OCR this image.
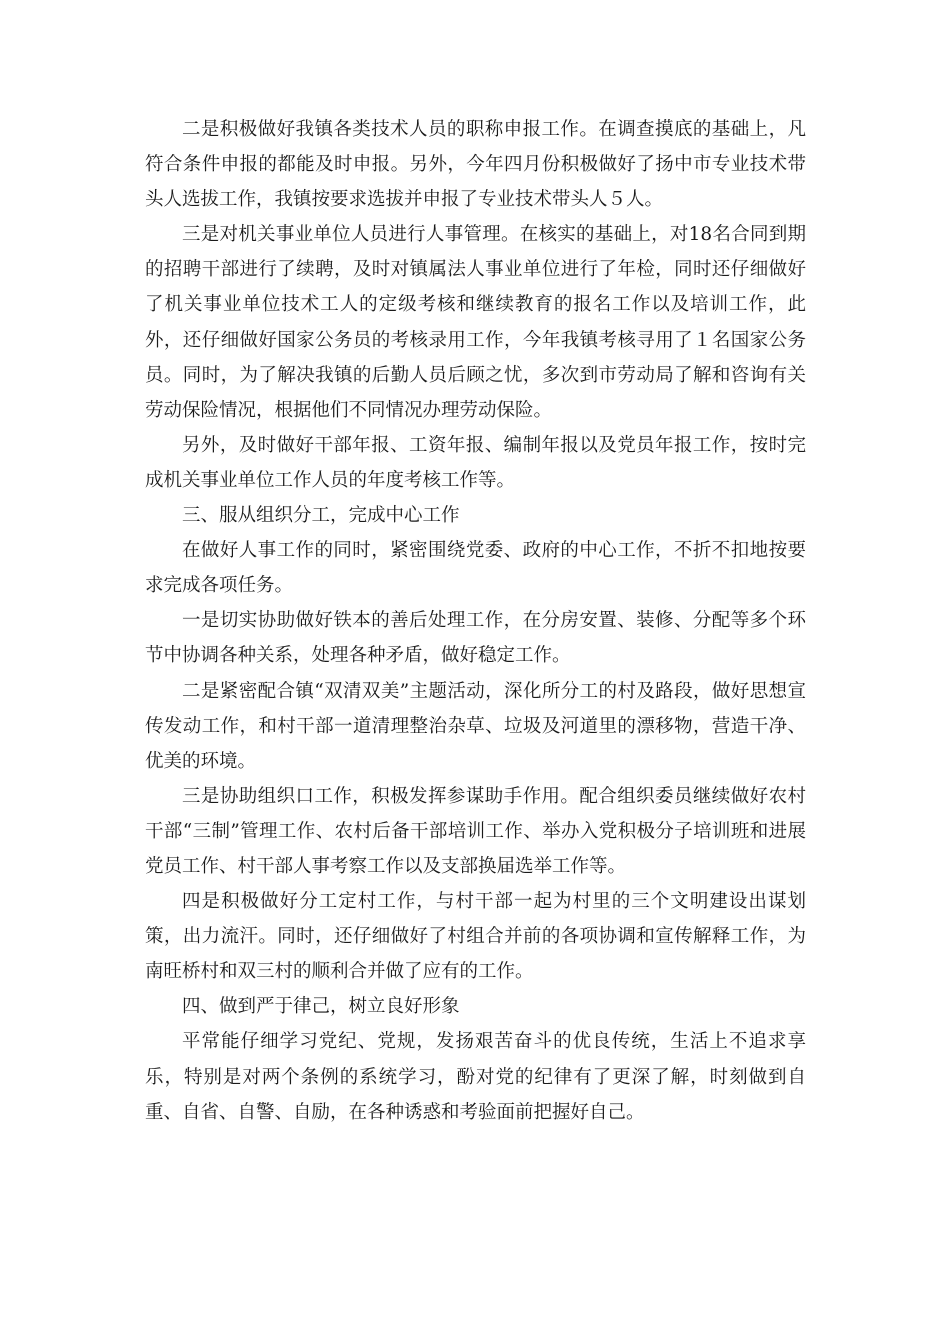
二是积极做好我镇各类技术人员的职称申报工作。在调查摸底的基础上，凡符合条件申报的都能及时申报。另外，今年四月份积极做好了扬中市专业技术带头人选拔工作，我镇按要求选拔并申报了专业技术带头人５人。

三是对机关事业单位人员进行人事管理。在核实的基础上，对18名合同到期的招聘干部进行了续聘，及时对镇属法人事业单位进行了年检，同时还仔细做好了机关事业单位技术工人的定级考核和继续教育的报名工作以及培训工作，此外，还仔细做好国家公务员的考核录用工作，今年我镇考核寻用了１名国家公务员。同时，为了解决我镇的后勤人员后顾之忧，多次到市劳动局了解和咨询有关劳动保险情况，根据他们不同情况办理劳动保险。

另外，及时做好干部年报、工资年报、编制年报以及党员年报工作，按时完成机关事业单位工作人员的年度考核工作等。

三、服从组织分工，完成中心工作

在做好人事工作的同时，紧密围绕党委、政府的中心工作，不折不扣地按要求完成各项任务。

一是切实协助做好铁本的善后处理工作，在分房安置、装修、分配等多个环节中协调各种关系，处理各种矛盾，做好稳定工作。

二是紧密配合镇“双清双美”主题活动，深化所分工的村及路段，做好思想宣传发动工作，和村干部一道清理整治杂草、垃圾及河道里的漂移物，营造干净、优美的环境。

三是协助组织口工作，积极发挥参谋助手作用。配合组织委员继续做好农村干部“三制”管理工作、农村后备干部培训工作、举办入党积极分子培训班和进展党员工作、村干部人事考察工作以及支部换届选举工作等。

四是积极做好分工定村工作，与村干部一起为村里的三个文明建设出谋划策，出力流汗。同时，还仔细做好了村组合并前的各项协调和宣传解释工作，为南旺桥村和双三村的顺利合并做了应有的工作。

四、做到严于律己，树立良好形象

平常能仔细学习党纪、党规，发扬艰苦奋斗的优良传统，生活上不追求享乐，特别是对两个条例的系统学习，酚对党的纪律有了更深了解，时刻做到自重、自省、自警、自励，在各种诱惑和考验面前把握好自己。
